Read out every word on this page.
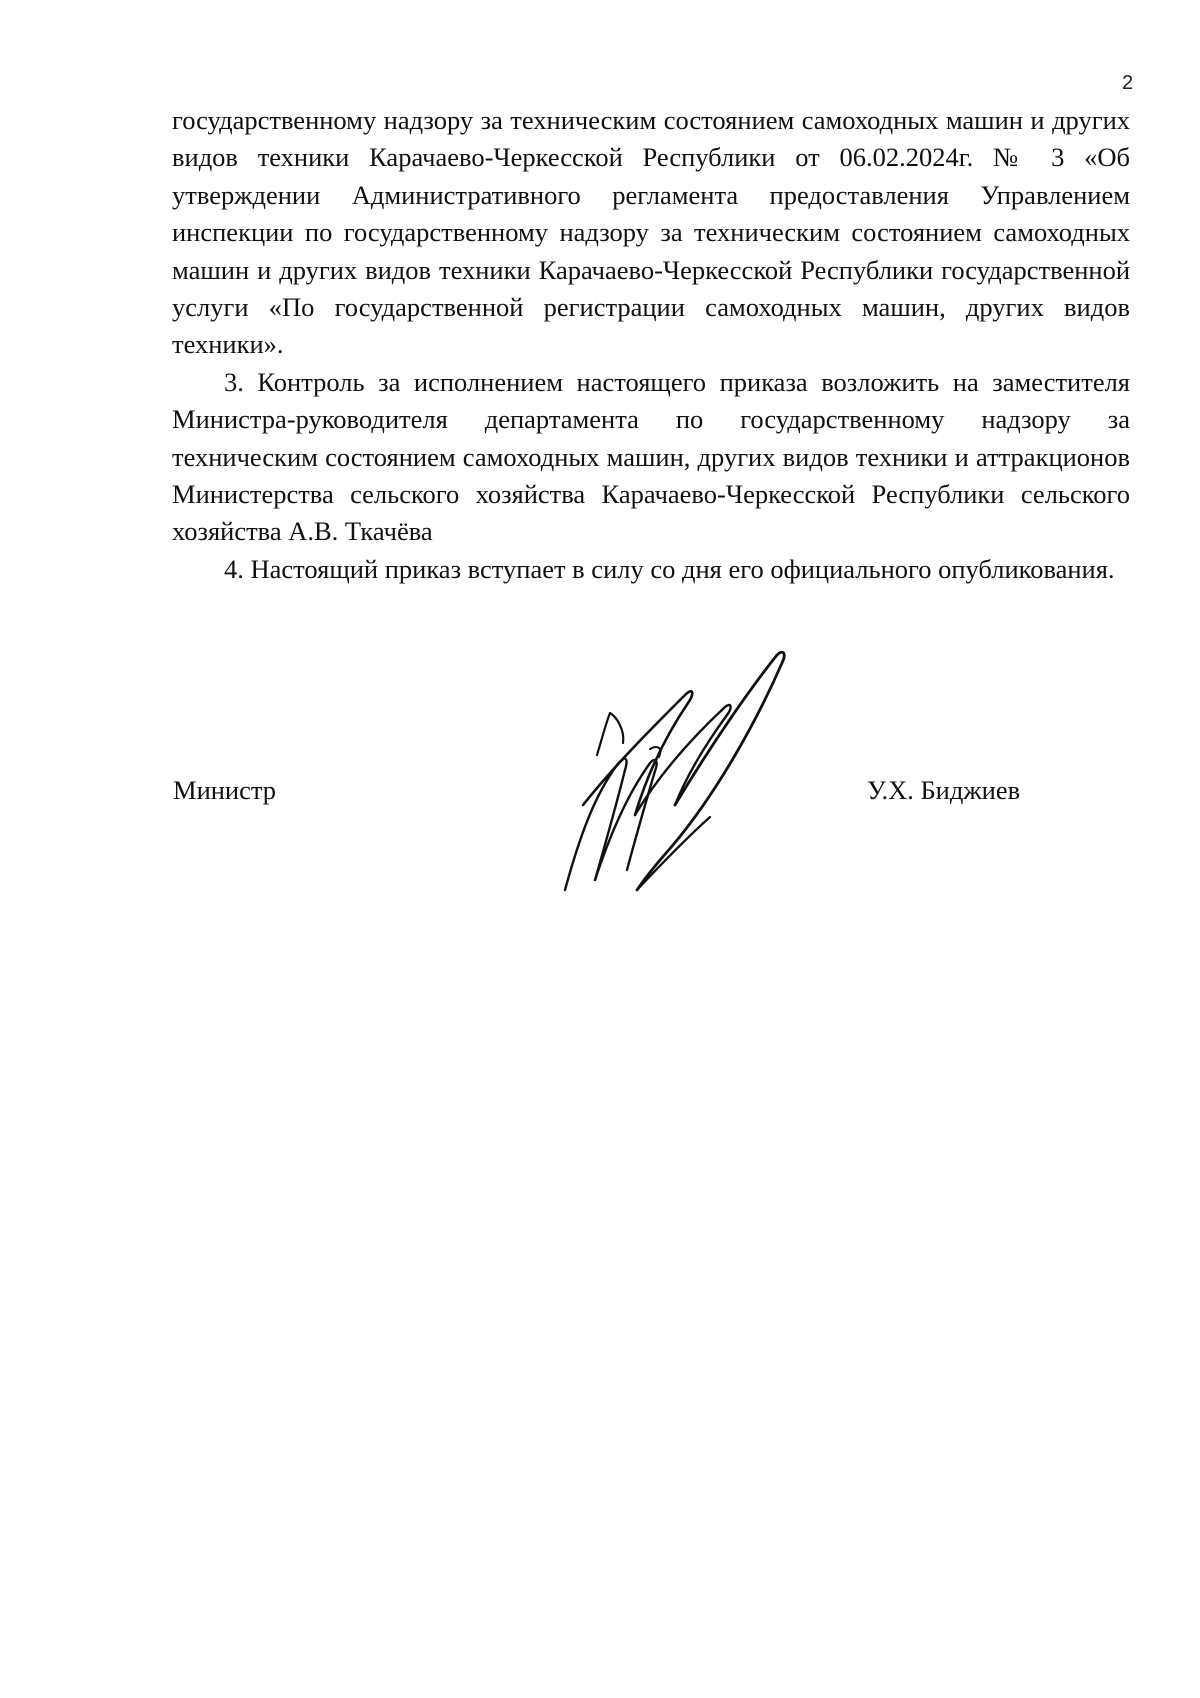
2

государственному надзору за техническим состоянием самоходных машин и других видов техники Карачаево-Черкесской Республики от 06.02.2024г. № 3 «Об утверждении Административного регламента предоставления Управлением инспекции по государственному надзору за техническим состоянием самоходных машин и других видов техники Карачаево-Черкесской Республики государственной услуги «По государственной регистрации самоходных машин, других видов техники».

3. Контроль за исполнением настоящего приказа возложить на заместителя Министра-руководителя департамента по государственному надзору за техническим состоянием самоходных машин, других видов техники и аттракционов Министерства сельского хозяйства Карачаево-Черкесской Республики сельского хозяйства А.В. Ткачёва

4. Настоящий приказ вступает в силу со дня его официального опубликования.

Министр	У.Х. Биджиев
